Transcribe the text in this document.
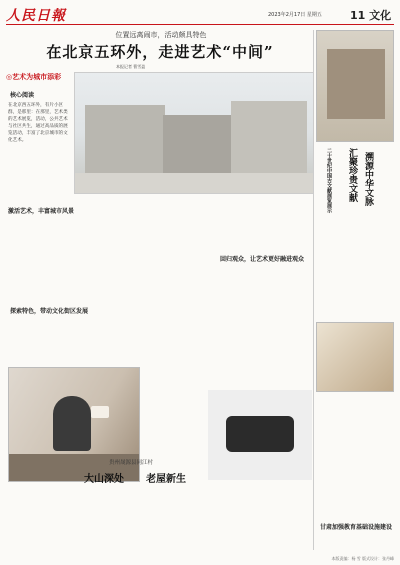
人民日報	2023年2月17日 星期五	11 文化
位置远离闹市，活动颇具特色
在北京五环外，走进艺术“中间”
本报记者 曹雪盈
◎艺术为城市添彩
核心阅读
在北京西五环外，有片小区群，是那里：在那里，艺术类的艺术展览，活动，公共艺术与社区共生，通过高品质的展览活动，丰富了北京城市的文化艺术。
激活艺术，丰富城市风景
回归观众，让艺术更好融进观众
探索特色，带动文化街区发展
贵州晟源县同江村
大山深处 老屋新生
汇聚珍贵文献 溯源中华文脉
二十世纪中国古文献展览展示
甘肃加强教育基础设施建设
本版责编：杨 雪 版式设计：张丹峰
